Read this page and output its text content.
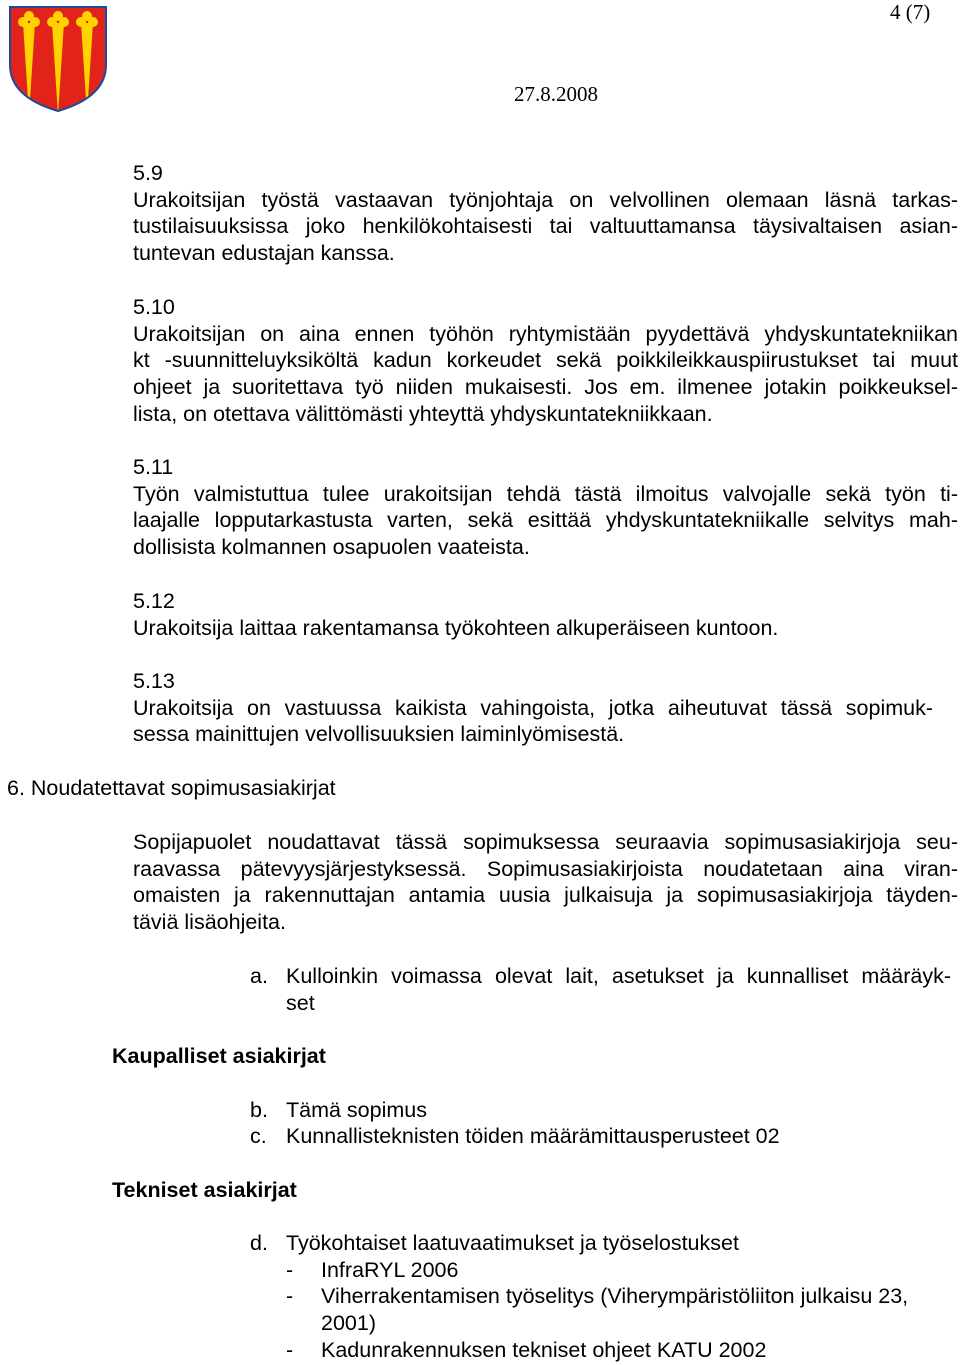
4 (7)
27.8.2008
5.9
Urakoitsijan työstä vastaavan työnjohtaja on velvollinen olemaan läsnä tarkas-
tustilaisuuksissa joko henkilökohtaisesti tai valtuuttamansa täysivaltaisen asian-
tuntevan edustajan kanssa.
5.10
Urakoitsijan on aina ennen työhön ryhtymistään pyydettävä yhdyskuntatekniikan
kt -suunnitteluyksiköltä kadun korkeudet sekä poikkileikkauspiirustukset tai muut
ohjeet ja suoritettava työ niiden mukaisesti. Jos em. ilmenee jotakin poikkeuksel-
lista, on otettava välittömästi yhteyttä yhdyskuntatekniikkaan.
5.11
Työn valmistuttua tulee urakoitsijan tehdä tästä ilmoitus valvojalle sekä työn ti-
laajalle lopputarkastusta varten, sekä esittää yhdyskuntatekniikalle selvitys mah-
dollisista kolmannen osapuolen vaateista.
5.12
Urakoitsija laittaa rakentamansa työkohteen alkuperäiseen kuntoon.
5.13
Urakoitsija on vastuussa kaikista vahingoista, jotka aiheutuvat tässä sopimuk-
sessa mainittujen velvollisuuksien laiminlyömisestä.
6. Noudatettavat sopimusasiakirjat
Sopijapuolet noudattavat tässä sopimuksessa seuraavia sopimusasiakirjoja seu-
raavassa pätevyysjärjestyksessä. Sopimusasiakirjoista noudatetaan aina viran-
omaisten ja rakennuttajan antamia uusia julkaisuja ja sopimusasiakirjoja täyden-
täviä lisäohjeita.
a. Kulloinkin voimassa olevat lait, asetukset ja kunnalliset määräyk-
set
Kaupalliset asiakirjat
b. Tämä sopimus
c. Kunnallisteknisten töiden määrämittausperusteet 02
Tekniset asiakirjat
d. Työkohtaiset laatuvaatimukset ja työselostukset
- InfraRYL 2006
- Viherrakentamisen työselitys (Viherympäristöliiton julkaisu 23,
2001)
- Kadunrakennuksen tekniset ohjeet KATU 2002
